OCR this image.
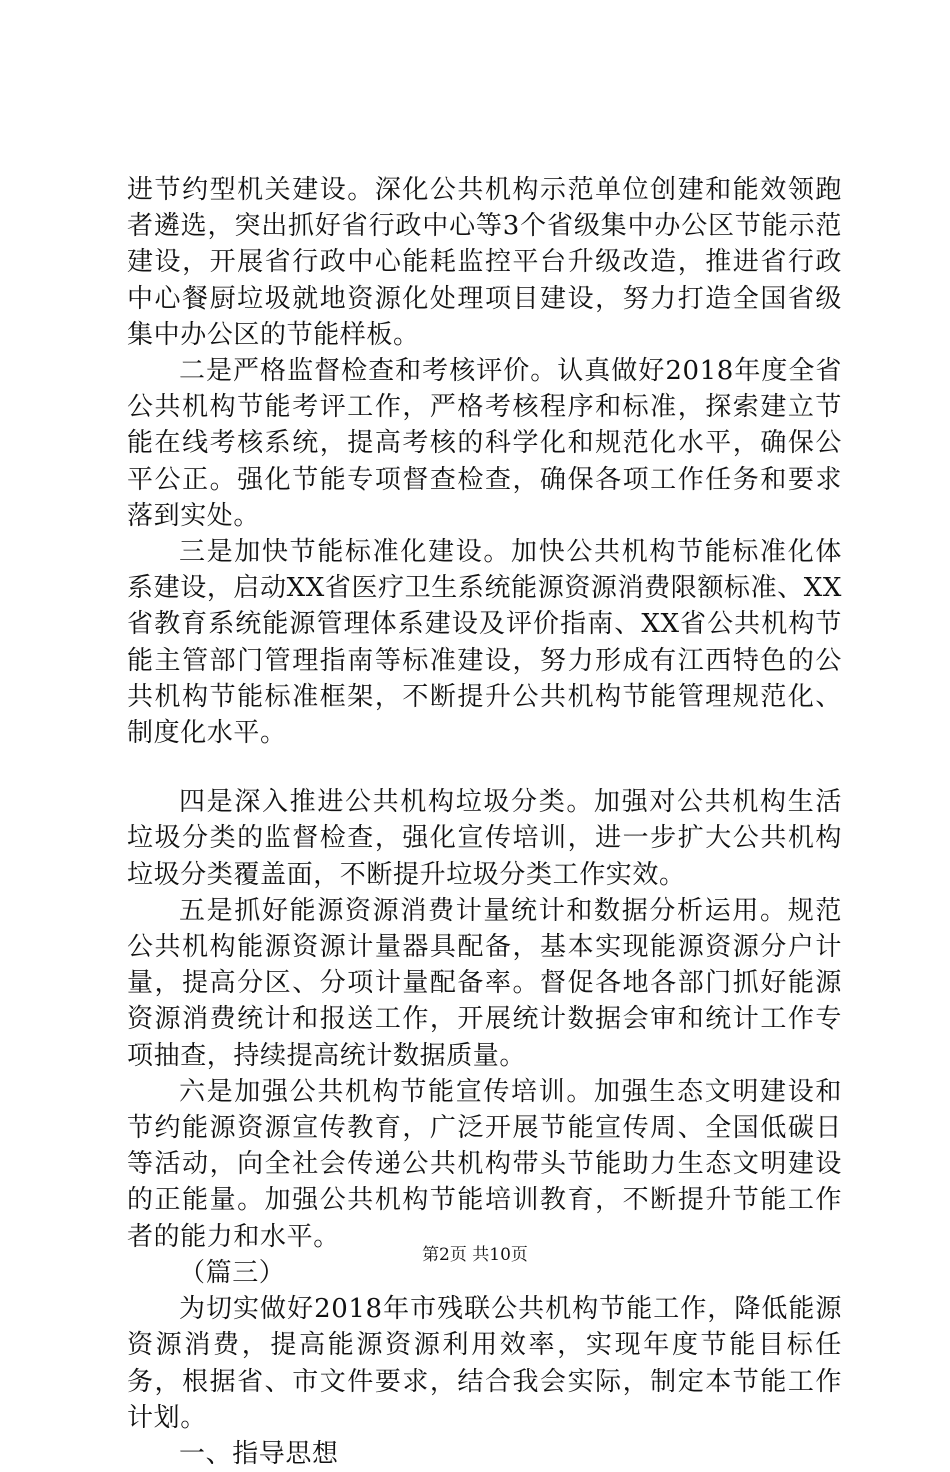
进节约型机关建设。深化公共机构示范单位创建和能效领跑者遴选，突出抓好省行政中心等3个省级集中办公区节能示范建设，开展省行政中心能耗监控平台升级改造，推进省行政中心餐厨垃圾就地资源化处理项目建设，努力打造全国省级集中办公区的节能样板。

二是严格监督检查和考核评价。认真做好2018年度全省公共机构节能考评工作，严格考核程序和标准，探索建立节能在线考核系统，提高考核的科学化和规范化水平，确保公平公正。强化节能专项督查检查，确保各项工作任务和要求落到实处。

三是加快节能标准化建设。加快公共机构节能标准化体系建设，启动XX省医疗卫生系统能源资源消费限额标准、XX省教育系统能源管理体系建设及评价指南、XX省公共机构节能主管部门管理指南等标准建设，努力形成有江西特色的公共机构节能标准框架，不断提升公共机构节能管理规范化、制度化水平。

四是深入推进公共机构垃圾分类。加强对公共机构生活垃圾分类的监督检查，强化宣传培训，进一步扩大公共机构垃圾分类覆盖面，不断提升垃圾分类工作实效。

五是抓好能源资源消费计量统计和数据分析运用。规范公共机构能源资源计量器具配备，基本实现能源资源分户计量，提高分区、分项计量配备率。督促各地各部门抓好能源资源消费统计和报送工作，开展统计数据会审和统计工作专项抽查，持续提高统计数据质量。

六是加强公共机构节能宣传培训。加强生态文明建设和节约能源资源宣传教育，广泛开展节能宣传周、全国低碳日等活动，向全社会传递公共机构带头节能助力生态文明建设的正能量。加强公共机构节能培训教育，不断提升节能工作者的能力和水平。

（篇三）

为切实做好2018年市残联公共机构节能工作，降低能源资源消费，提高能源资源利用效率，实现年度节能目标任务，根据省、市文件要求，结合我会实际，制定本节能工作计划。

一、指导思想

第2页 共10页
